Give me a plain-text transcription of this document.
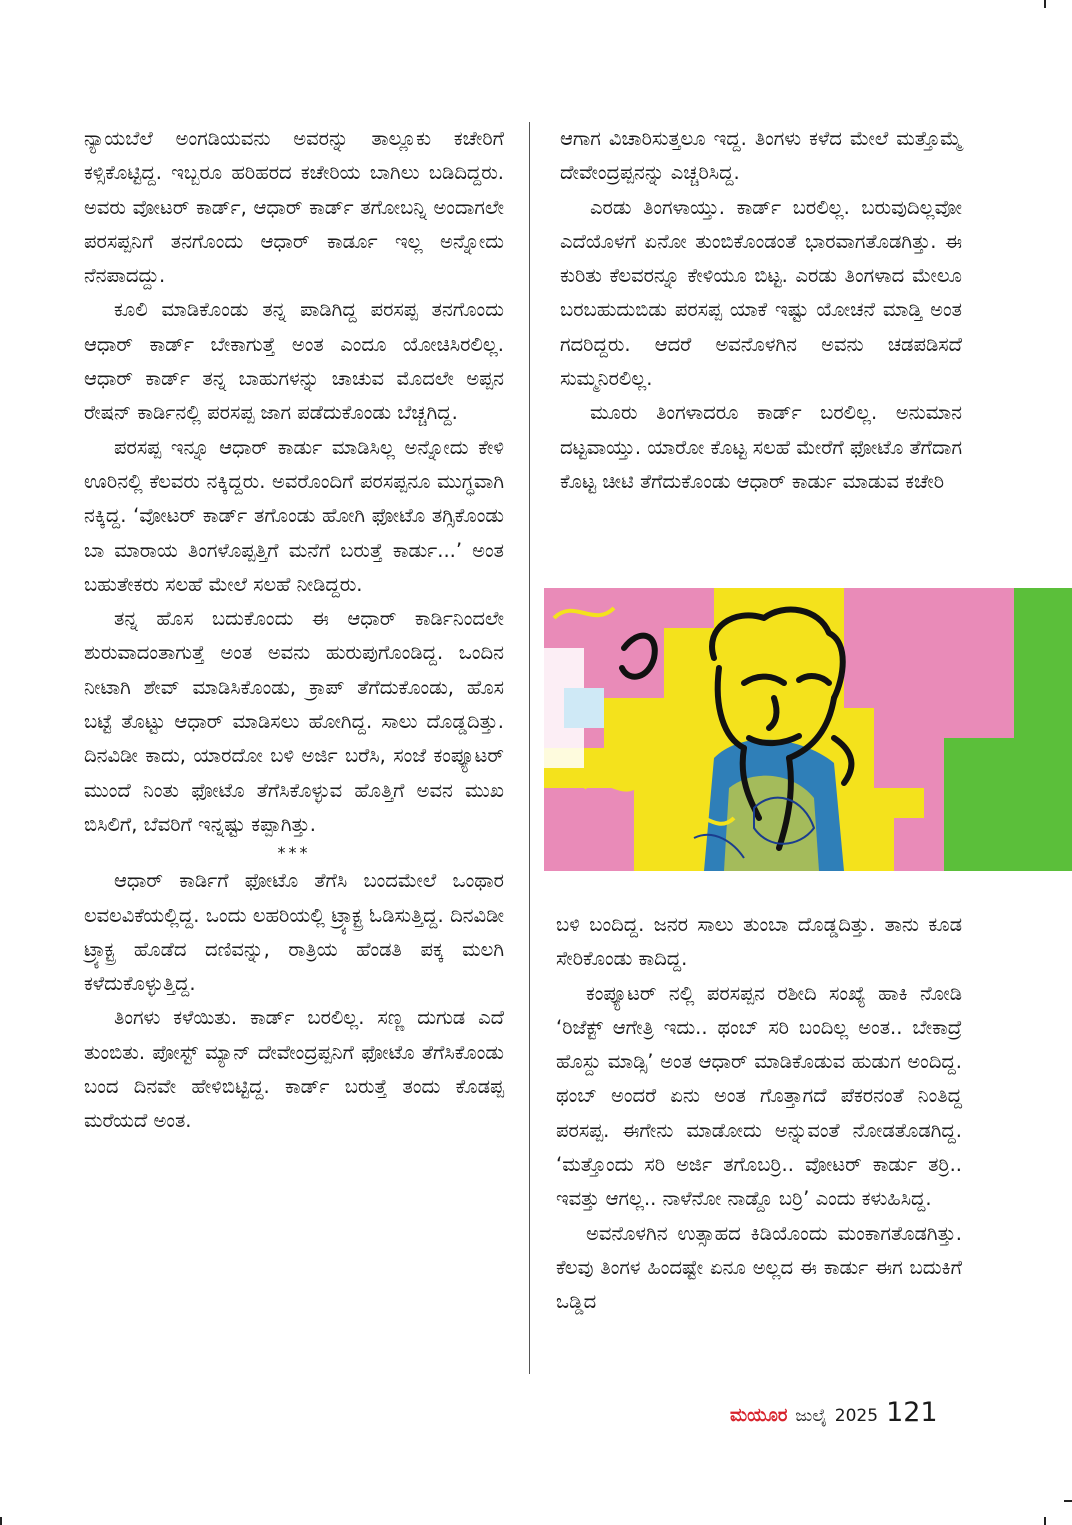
ನ್ಯಾಯಬೆಲೆ ಅಂಗಡಿಯವನು ಅವರನ್ನು ತಾಲ್ಲೂಕು ಕಚೇರಿಗೆ ಕಳ್ಸಿಕೊಟ್ಟಿದ್ದ. ಇಬ್ಬರೂ ಹರಿಹರದ ಕಚೇರಿಯ ಬಾಗಿಲು ಬಡಿದಿದ್ದರು. ಅವರು ವೋಟರ್ ಕಾರ್ಡ್, ಆಧಾರ್ ಕಾರ್ಡ್ ತಗೋಬನ್ನಿ ಅಂದಾಗಲೇ ಪರಸಪ್ಪನಿಗೆ ತನಗೊಂದು ಆಧಾರ್ ಕಾರ್ಡೂ ಇಲ್ಲ ಅನ್ನೋದು ನೆನಪಾದದ್ದು.

ಕೂಲಿ ಮಾಡಿಕೊಂಡು ತನ್ನ ಪಾಡಿಗಿದ್ದ ಪರಸಪ್ಪ ತನಗೊಂದು ಆಧಾರ್ ಕಾರ್ಡ್ ಬೇಕಾಗುತ್ತೆ ಅಂತ ಎಂದೂ ಯೋಚಿಸಿರಲಿಲ್ಲ. ಆಧಾರ್ ಕಾರ್ಡ್ ತನ್ನ ಬಾಹುಗಳನ್ನು ಚಾಚುವ ಮೊದಲೇ ಅಪ್ಪನ ರೇಷನ್ ಕಾರ್ಡಿನಲ್ಲಿ ಪರಸಪ್ಪ ಜಾಗ ಪಡೆದುಕೊಂಡು ಬೆಚ್ಚಗಿದ್ದ.

ಪರಸಪ್ಪ ಇನ್ನೂ ಆಧಾರ್ ಕಾರ್ಡು ಮಾಡಿಸಿಲ್ಲ ಅನ್ನೋದು ಕೇಳಿ ಊರಿನಲ್ಲಿ ಕೆಲವರು ನಕ್ಕಿದ್ದರು. ಅವರೊಂದಿಗೆ ಪರಸಪ್ಪನೂ ಮುಗ್ಧವಾಗಿ ನಕ್ಕಿದ್ದ. ‘ವೋಟರ್ ಕಾರ್ಡ್ ತಗೊಂಡು ಹೋಗಿ ಫೋಟೊ ತಗ್ಸಿಕೊಂಡು ಬಾ ಮಾರಾಯ ತಿಂಗಳೊಪ್ಪತ್ತಿಗೆ ಮನೆಗೆ ಬರುತ್ತೆ ಕಾರ್ಡು...’ ಅಂತ ಬಹುತೇಕರು ಸಲಹೆ ಮೇಲೆ ಸಲಹೆ ನೀಡಿದ್ದರು.

ತನ್ನ ಹೊಸ ಬದುಕೊಂದು ಈ ಆಧಾರ್ ಕಾರ್ಡಿನಿಂದಲೇ ಶುರುವಾದಂತಾಗುತ್ತೆ ಅಂತ ಅವನು ಹುರುಪುಗೊಂಡಿದ್ದ. ಒಂದಿನ ನೀಟಾಗಿ ಶೇವ್ ಮಾಡಿಸಿಕೊಂಡು, ಕ್ರಾಪ್ ತೆಗೆದುಕೊಂಡು, ಹೊಸ ಬಟ್ಟೆ ತೊಟ್ಟು ಆಧಾರ್ ಮಾಡಿಸಲು ಹೋಗಿದ್ದ. ಸಾಲು ದೊಡ್ಡದಿತ್ತು. ದಿನವಿಡೀ ಕಾದು, ಯಾರದೋ ಬಳಿ ಅರ್ಜಿ ಬರೆಸಿ, ಸಂಜೆ ಕಂಪ್ಯೂಟರ್ ಮುಂದೆ ನಿಂತು ಫೋಟೊ ತೆಗೆಸಿಕೊಳ್ಳುವ ಹೊತ್ತಿಗೆ ಅವನ ಮುಖ ಬಿಸಿಲಿಗೆ, ಬೆವರಿಗೆ ಇನ್ನಷ್ಟು ಕಪ್ಪಾಗಿತ್ತು.

***

ಆಧಾರ್ ಕಾರ್ಡಿಗೆ ಫೋಟೊ ತೆಗೆಸಿ ಬಂದಮೇಲೆ ಒಂಥಾರ ಲವಲವಿಕೆಯಲ್ಲಿದ್ದ. ಒಂದು ಲಹರಿಯಲ್ಲಿ ಟ್ರ್ಯಾಕ್ಟ್ರ ಓಡಿಸುತ್ತಿದ್ದ. ದಿನವಿಡೀ ಟ್ರ್ಯಾಕ್ಟ್ರ ಹೊಡೆದ ದಣಿವನ್ನು, ರಾತ್ರಿಯ ಹೆಂಡತಿ ಪಕ್ಕ ಮಲಗಿ ಕಳೆದುಕೊಳ್ಳುತ್ತಿದ್ದ.

ತಿಂಗಳು ಕಳೆಯಿತು. ಕಾರ್ಡ್ ಬರಲಿಲ್ಲ. ಸಣ್ಣ ದುಗುಡ ಎದೆ ತುಂಬಿತು. ಪೋಸ್ಟ್ ಮ್ಯಾನ್ ದೇವೇಂದ್ರಪ್ಪನಿಗೆ ಫೋಟೊ ತೆಗೆಸಿಕೊಂಡು ಬಂದ ದಿನವೇ ಹೇಳಿಬಿಟ್ಟಿದ್ದ. ಕಾರ್ಡ್ ಬರುತ್ತೆ ತಂದು ಕೊಡಪ್ಪ ಮರೆಯದೆ ಅಂತ.

ಆಗಾಗ ವಿಚಾರಿಸುತ್ತಲೂ ಇದ್ದ. ತಿಂಗಳು ಕಳೆದ ಮೇಲೆ ಮತ್ತೊಮ್ಮೆ ದೇವೇಂದ್ರಪ್ಪನನ್ನು ಎಚ್ಚರಿಸಿದ್ದ.

ಎರಡು ತಿಂಗಳಾಯ್ತು. ಕಾರ್ಡ್ ಬರಲಿಲ್ಲ. ಬರುವುದಿಲ್ಲವೋ ಎದೆಯೊಳಗೆ ಏನೋ ತುಂಬಿಕೊಂಡಂತೆ ಭಾರವಾಗತೊಡಗಿತ್ತು. ಈ ಕುರಿತು ಕೆಲವರನ್ನೂ ಕೇಳಿಯೂ ಬಿಟ್ಟ. ಎರಡು ತಿಂಗಳಾದ ಮೇಲೂ ಬರಬಹುದುಬಿಡು ಪರಸಪ್ಪ ಯಾಕೆ ಇಷ್ಟು ಯೋಚನೆ ಮಾಡ್ತಿ ಅಂತ ಗದರಿದ್ದರು. ಆದರೆ ಅವನೊಳಗಿನ ಅವನು ಚಡಪಡಿಸದೆ ಸುಮ್ಮನಿರಲಿಲ್ಲ.

ಮೂರು ತಿಂಗಳಾದರೂ ಕಾರ್ಡ್ ಬರಲಿಲ್ಲ. ಅನುಮಾನ ದಟ್ಟವಾಯ್ತು. ಯಾರೋ ಕೊಟ್ಟ ಸಲಹೆ ಮೇರೆಗೆ ಫೋಟೊ ತೆಗೆದಾಗ ಕೊಟ್ಟ ಚೀಟಿ ತೆಗೆದುಕೊಂಡು ಆಧಾರ್ ಕಾರ್ಡು ಮಾಡುವ ಕಚೇರಿ

ಬಳಿ ಬಂದಿದ್ದ. ಜನರ ಸಾಲು ತುಂಬಾ ದೊಡ್ಡದಿತ್ತು. ತಾನು ಕೂಡ ಸೇರಿಕೊಂಡು ಕಾದಿದ್ದ.

ಕಂಪ್ಯೂಟರ್ ನಲ್ಲಿ ಪರಸಪ್ಪನ ರಶೀದಿ ಸಂಖ್ಯೆ ಹಾಕಿ ನೋಡಿ ‘ರಿಜೆಕ್ಟ್ ಆಗೇತ್ರಿ ಇದು.. ಥಂಬ್ ಸರಿ ಬಂದಿಲ್ಲ ಅಂತ.. ಬೇಕಾದ್ರೆ ಹೊಸ್ದು ಮಾಡ್ಸಿ’ ಅಂತ ಆಧಾರ್ ಮಾಡಿಕೊಡುವ ಹುಡುಗ ಅಂದಿದ್ದ. ಥಂಬ್ ಅಂದರೆ ಏನು ಅಂತ ಗೊತ್ತಾಗದೆ ಪೆಕರನಂತೆ ನಿಂತಿದ್ದ ಪರಸಪ್ಪ. ಈಗೇನು ಮಾಡೋದು ಅನ್ನುವಂತೆ ನೋಡತೊಡಗಿದ್ದ. ‘ಮತ್ತೊಂದು ಸರಿ ಅರ್ಜಿ ತಗೊಬರ್ರಿ.. ವೋಟರ್ ಕಾರ್ಡು ತರ್ರಿ.. ಇವತ್ತು ಆಗಲ್ಲ.. ನಾಳೆನೋ ನಾಡ್ದೊ ಬರ್ರಿ’ ಎಂದು ಕಳುಹಿಸಿದ್ದ.

ಅವನೊಳಗಿನ ಉತ್ಸಾಹದ ಕಿಡಿಯೊಂದು ಮಂಕಾಗತೊಡಗಿತ್ತು. ಕೆಲವು ತಿಂಗಳ ಹಿಂದಷ್ಟೇ ಏನೂ ಅಲ್ಲದ ಈ ಕಾರ್ಡು ಈಗ ಬದುಕಿಗೆ ಒಡ್ಡಿದ

ಮಯೂರ ಜುಲೈ 2025 121
